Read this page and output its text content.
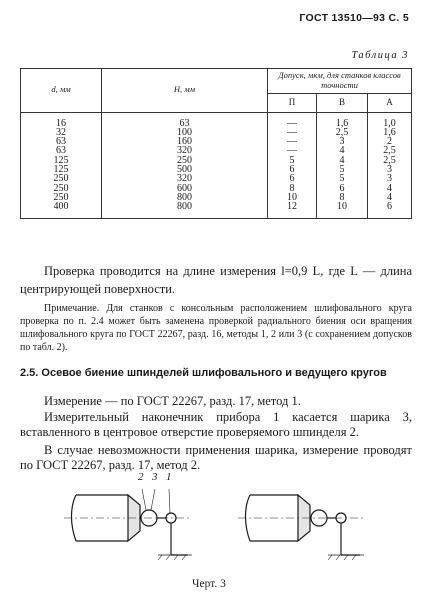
ГОСТ 13510—93 С. 5
Таблица 3
d, мм	H, мм	Допуск, мкм, для станков классов точности		
		П	В	А
16	63	—	1,6	1,0
32	100	—	2,5	1,6
63	160	—	3	2
63	320	—	4	2,5
125	250	5	4	2,5
125	500	6	5	3
250	320	6	5	3
250	600	8	6	4
250	800	10	8	4
400	800	12	10	6

Проверка проводится на длине измерения l=0,9 L, где L — длина центрирующей поверхности.

Примечание. Для станков с консольным расположением шлифовального круга проверка по п. 2.4 может быть заменена проверкой радиального биения оси вращения шлифовального круга по ГОСТ 22267, разд. 16, методы 1, 2 или 3 (с сохранением допусков по табл. 2).

2.5. Осевое биение шпинделей шлифовального и ведущего кругов

Измерение — по ГОСТ 22267, разд. 17, метод 1.

Измерительный наконечник прибора 1 касается шарика 3, вставленного в центровое отверстие проверяемого шпинделя 2.

В случае невозможности применения шарика, измерение проводят по ГОСТ 22267, разд. 17, метод 2.

2 3 1
Черт. 3
